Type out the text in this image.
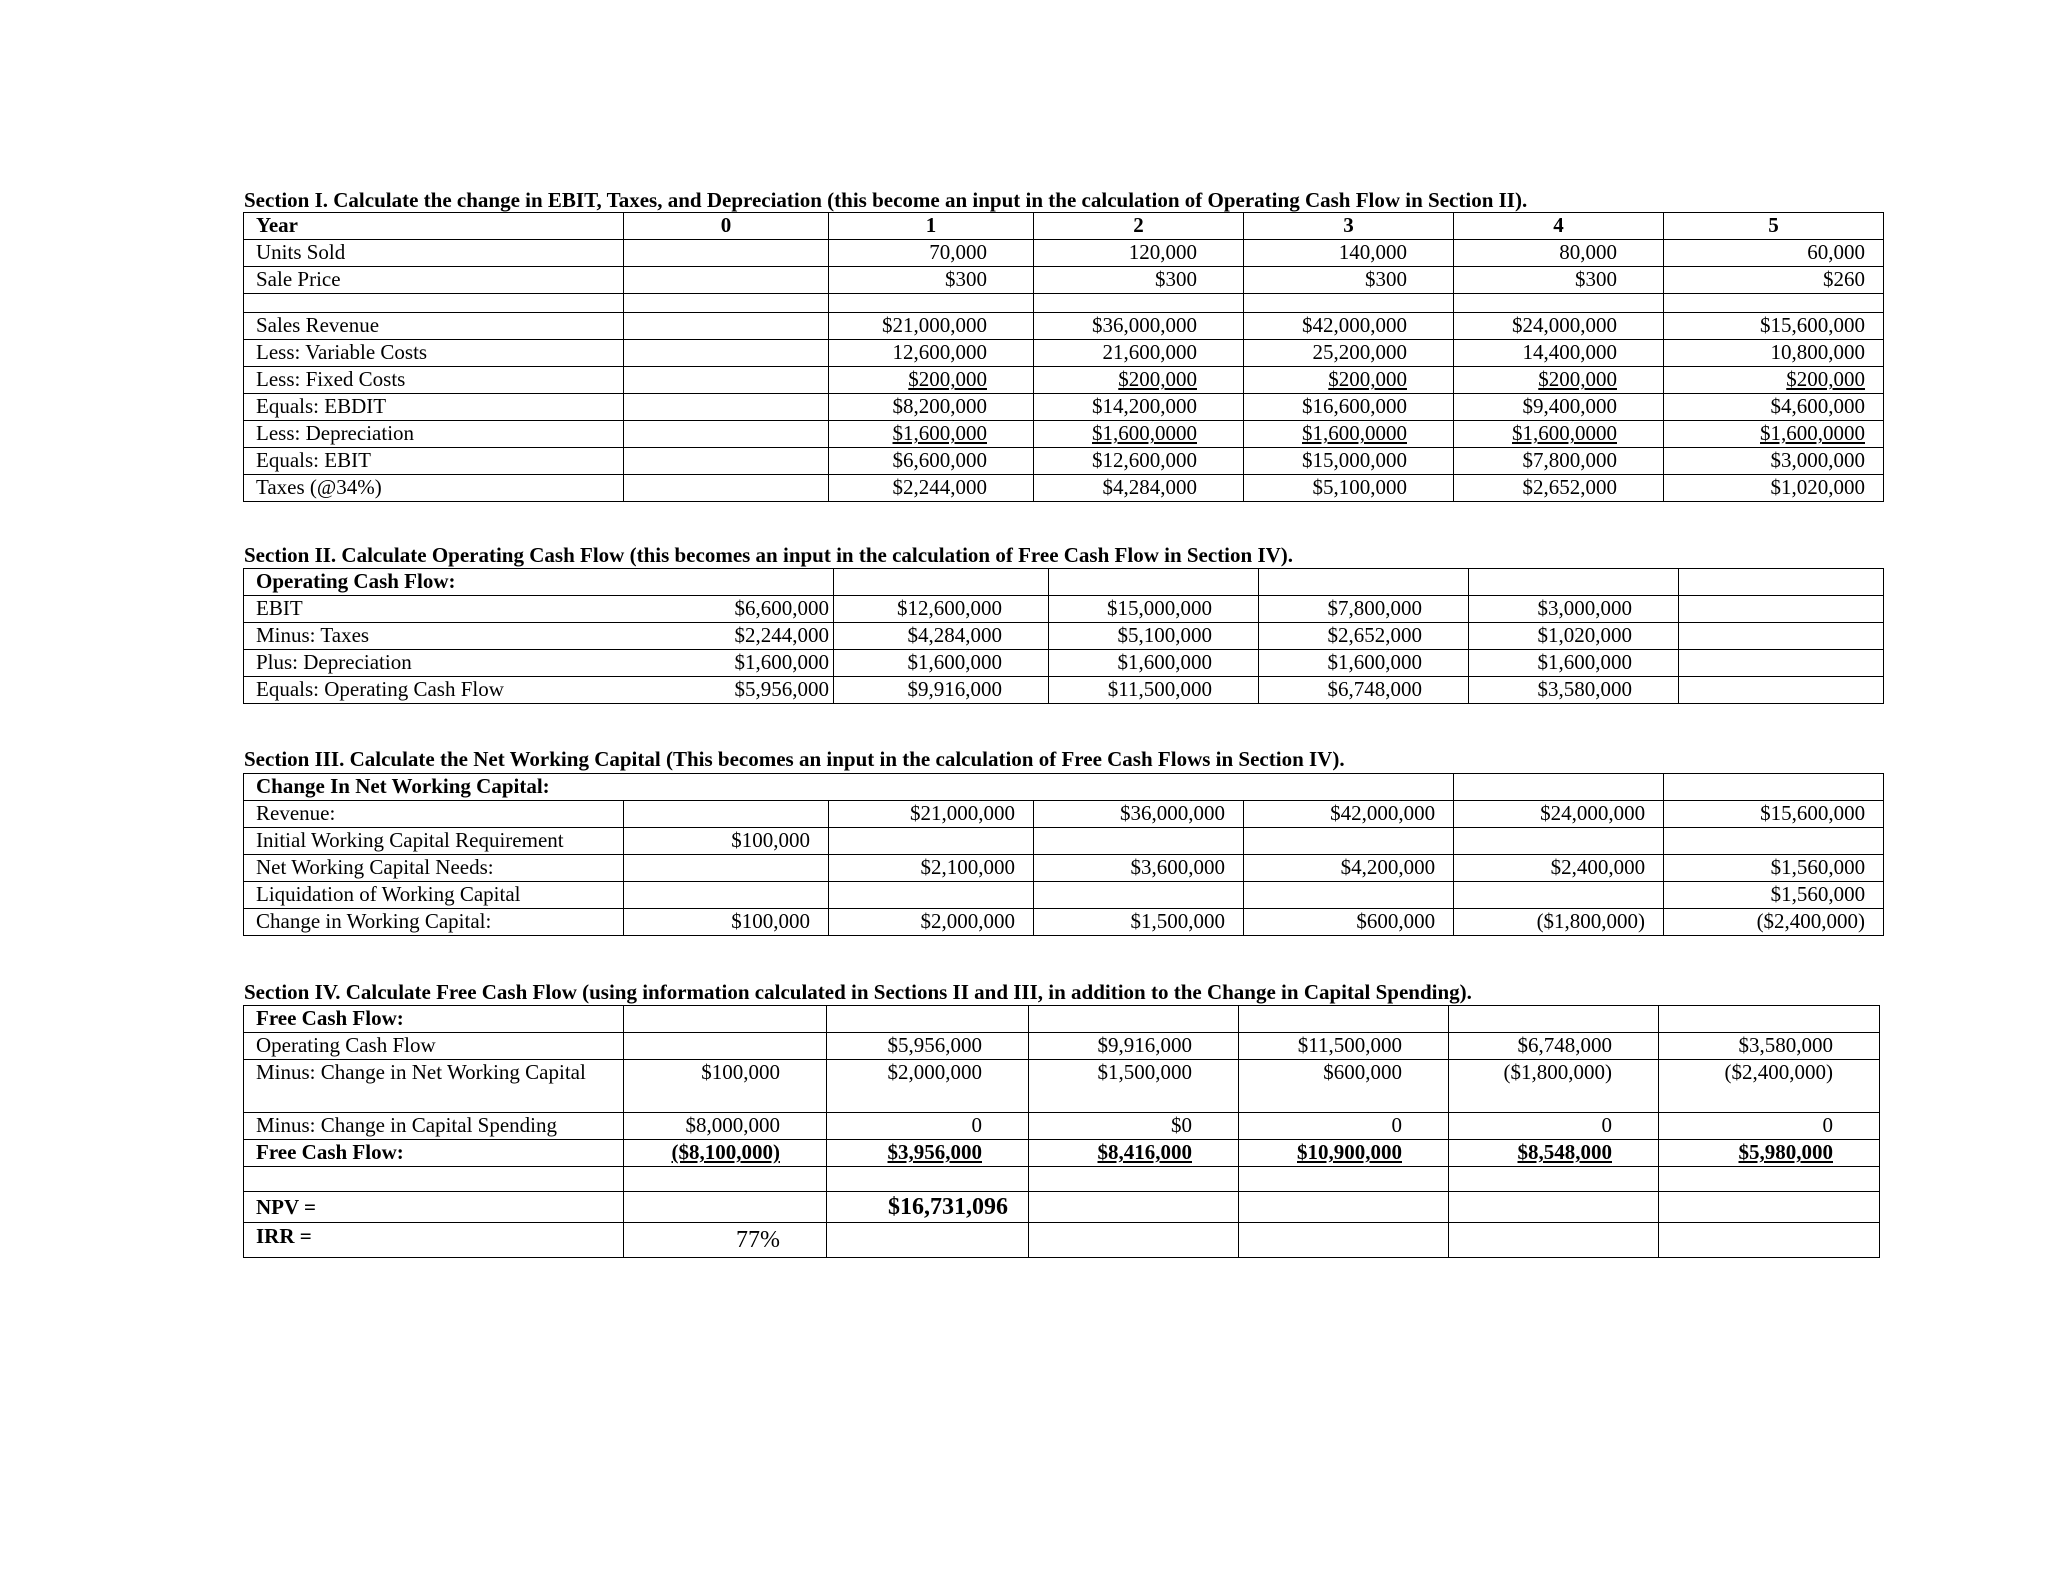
Section I. Calculate the change in EBIT, Taxes, and Depreciation (this become an input in the calculation of Operating Cash Flow in Section II).
Year	0	1	2	3	4	5
Units Sold		70,000	120,000	140,000	80,000	60,000
Sale Price		$300	$300	$300	$300	$260

Sales Revenue		$21,000,000	$36,000,000	$42,000,000	$24,000,000	$15,600,000
Less: Variable Costs		12,600,000	21,600,000	25,200,000	14,400,000	10,800,000
Less: Fixed Costs		$200,000	$200,000	$200,000	$200,000	$200,000
Equals: EBDIT		$8,200,000	$14,200,000	$16,600,000	$9,400,000	$4,600,000
Less: Depreciation		$1,600,000	$1,600,0000	$1,600,0000	$1,600,0000	$1,600,0000
Equals: EBIT		$6,600,000	$12,600,000	$15,000,000	$7,800,000	$3,000,000
Taxes (@34%)		$2,244,000	$4,284,000	$5,100,000	$2,652,000	$1,020,000
Section II. Calculate Operating Cash Flow (this becomes an input in the calculation of Free Cash Flow in Section IV).
Operating Cash Flow:					
EBIT $6,600,000	$12,600,000	$15,000,000	$7,800,000	$3,000,000	
Minus: Taxes $2,244,000	$4,284,000	$5,100,000	$2,652,000	$1,020,000	
Plus: Depreciation $1,600,000	$1,600,000	$1,600,000	$1,600,000	$1,600,000	
Equals: Operating Cash Flow $5,956,000	$9,916,000	$11,500,000	$6,748,000	$3,580,000	
Section III. Calculate the Net Working Capital (This becomes an input in the calculation of Free Cash Flows in Section IV).
Change In Net Working Capital:						
Revenue:		$21,000,000	$36,000,000	$42,000,000	$24,000,000	$15,600,000
Initial Working Capital Requirement	$100,000					
Net Working Capital Needs:		$2,100,000	$3,600,000	$4,200,000	$2,400,000	$1,560,000
Liquidation of Working Capital						$1,560,000
Change in Working Capital:	$100,000	$2,000,000	$1,500,000	$600,000	($1,800,000)	($2,400,000)
Section IV. Calculate Free Cash Flow (using information calculated in Sections II and III, in addition to the Change in Capital Spending).
Free Cash Flow:						
Operating Cash Flow		$5,956,000	$9,916,000	$11,500,000	$6,748,000	$3,580,000
Minus: Change in Net Working Capital	$100,000	$2,000,000	$1,500,000	$600,000	($1,800,000)	($2,400,000)
Minus: Change in Capital Spending	$8,000,000	0	$0	0	0	0
Free Cash Flow:	($8,100,000)	$3,956,000	$8,416,000	$10,900,000	$8,548,000	$5,980,000

NPV =		$16,731,096				
IRR =	77%					
